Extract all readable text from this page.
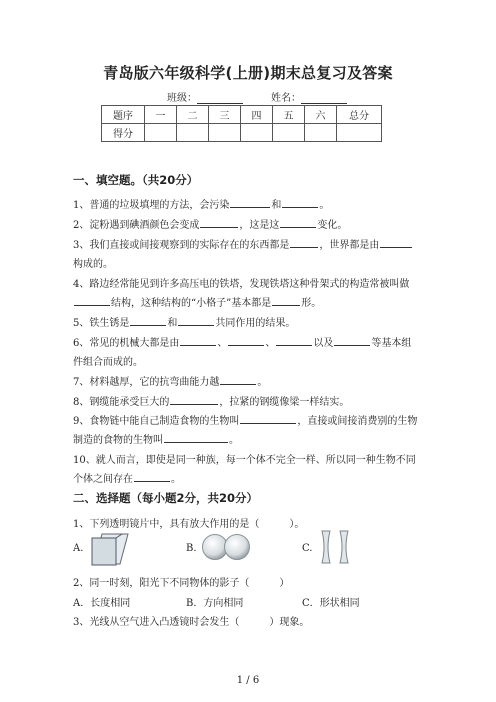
青岛版六年级科学(上册)期末总复习及答案
班级：	姓名：
题序	一	二	三	四	五	六	总分
得分							
一、填空题。（共20分）
1、普通的垃圾填埋的方法，会污染	和	。
2、淀粉遇到碘酒颜色会变成	，这是这	变化。
3、我们直接或间接观察到的实际存在的东西都是	，世界都是由
构成的。
4、路边经常能见到许多高压电的铁塔，发现铁塔这种骨架式的构造常被叫做
结构，这种结构的“小格子”基本都是	形。
5、铁生锈是	和	共同作用的结果。
6、常见的机械大都是由	、	、	以及	等基本组
件组合而成的。
7、材料越厚，它的抗弯曲能力越	。
8、钢缆能承受巨大的	，拉紧的钢缆像梁一样结实。
9、食物链中能自己制造食物的生物叫	，直接或间接消费别的生物
制造的食物的生物叫	。
10、就人而言，即使是同一种族，每一个体不完全一样、所以同一种生物不同
个体之间存在	。
二、选择题（每小题2分，共20分）
1、下列透明镜片中，具有放大作用的是（　　　）。
A.	B.	C.
2、同一时刻，阳光下不同物体的影子（　　　）
A．长度相同	B．方向相同	C．形状相同
3、光线从空气进入凸透镜时会发生（　　　）现象。
1 / 6
